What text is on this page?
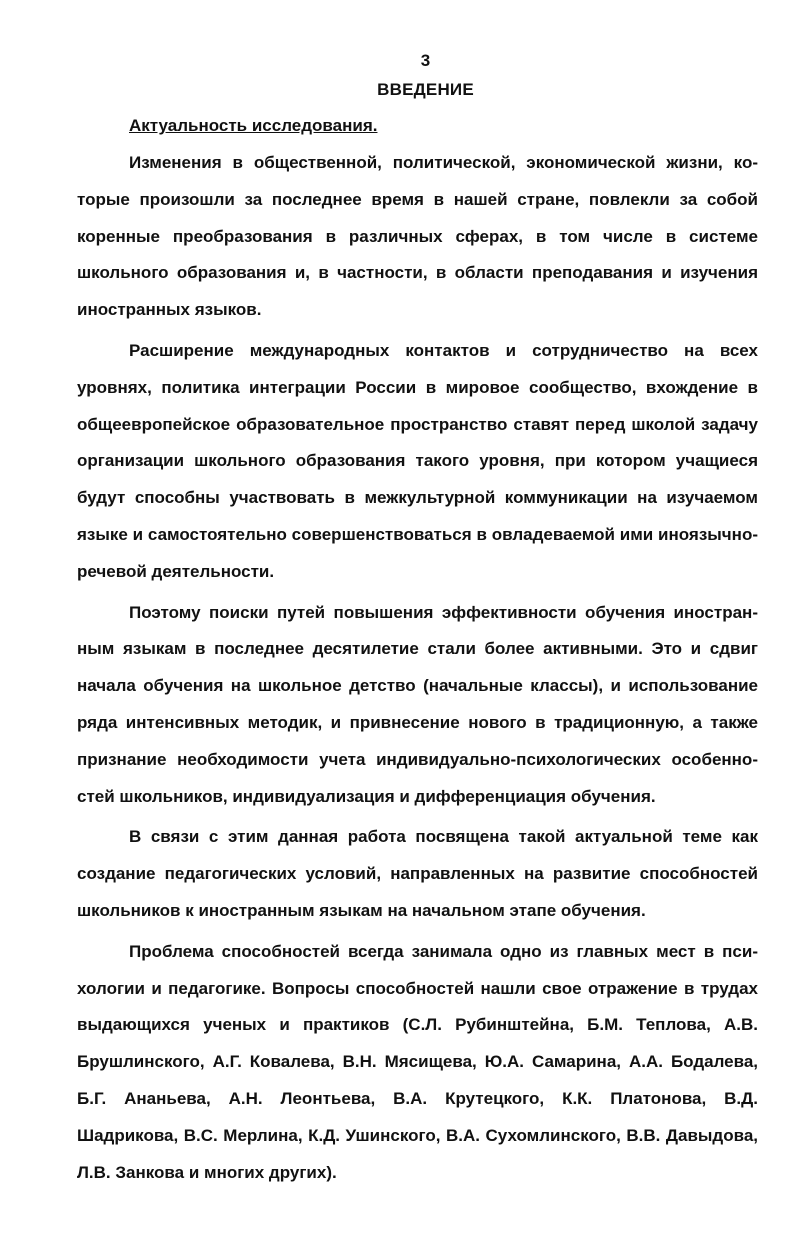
3
ВВЕДЕНИЕ
Актуальность исследования.

Изменения в общественной, политической, экономической жизни, которые произошли за последнее время в нашей стране, повлекли за собой коренные преобразования в различных сферах, в том числе в системе школьного образования и, в частности, в области преподавания и изучения иностранных языков.

Расширение международных контактов и сотрудничество на всех уровнях, политика интеграции России в мировое сообщество, вхождение в общеевропейское образовательное пространство ставят перед школой задачу организации школьного образования такого уровня, при котором учащиеся будут способны участвовать в межкультурной коммуникации на изучаемом языке и самостоятельно совершенствоваться в овладеваемой ими иноязычно-речевой деятельности.

Поэтому поиски путей повышения эффективности обучения иностранным языкам в последнее десятилетие стали более активными. Это и сдвиг начала обучения на школьное детство (начальные классы), и использование ряда интенсивных методик, и привнесение нового в традиционную, а также признание необходимости учета индивидуально-психологических особенностей школьников, индивидуализация и дифференциация обучения.

В связи с этим данная работа посвящена такой актуальной теме как создание педагогических условий, направленных на развитие способностей школьников к иностранным языкам на начальном этапе обучения.

Проблема способностей всегда занимала одно из главных мест в психологии и педагогике. Вопросы способностей нашли свое отражение в трудах выдающихся ученых и практиков (С.Л. Рубинштейна, Б.М. Теплова, А.В. Брушлинского, А.Г. Ковалева, В.Н. Мясищева, Ю.А. Самарина, А.А. Бодалева, Б.Г. Ананьева, А.Н. Леонтьева, В.А. Крутецкого, К.К. Платонова, В.Д. Шадрикова, В.С. Мерлина, К.Д. Ушинского, В.А. Сухомлинского, В.В. Давыдова, Л.В. Занкова и многих других).
